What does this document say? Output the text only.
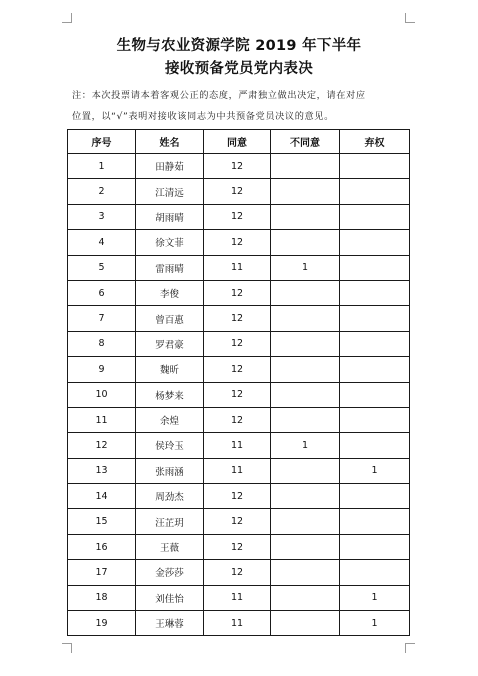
生物与农业资源学院 2019 年下半年
接收预备党员党内表决
注：本次投票请本着客观公正的态度，严肃独立做出决定，请在对应
位置，以“√”表明对接收该同志为中共预备党员决议的意见。
序号	姓名	同意	不同意	弃权
1	田静茹	12		
2	江清远	12		
3	胡雨晴	12		
4	徐文菲	12		
5	雷雨晴	11	1	
6	李俊	12		
7	曾百惠	12		
8	罗君豪	12		
9	魏昕	12		
10	杨梦来	12		
11	余煌	12		
12	侯玲玉	11	1	
13	张雨涵	11		1
14	周劲杰	12		
15	汪芷玥	12		
16	王薇	12		
17	金莎莎	12		
18	刘佳怡	11		1
19	王琳蓉	11		1
